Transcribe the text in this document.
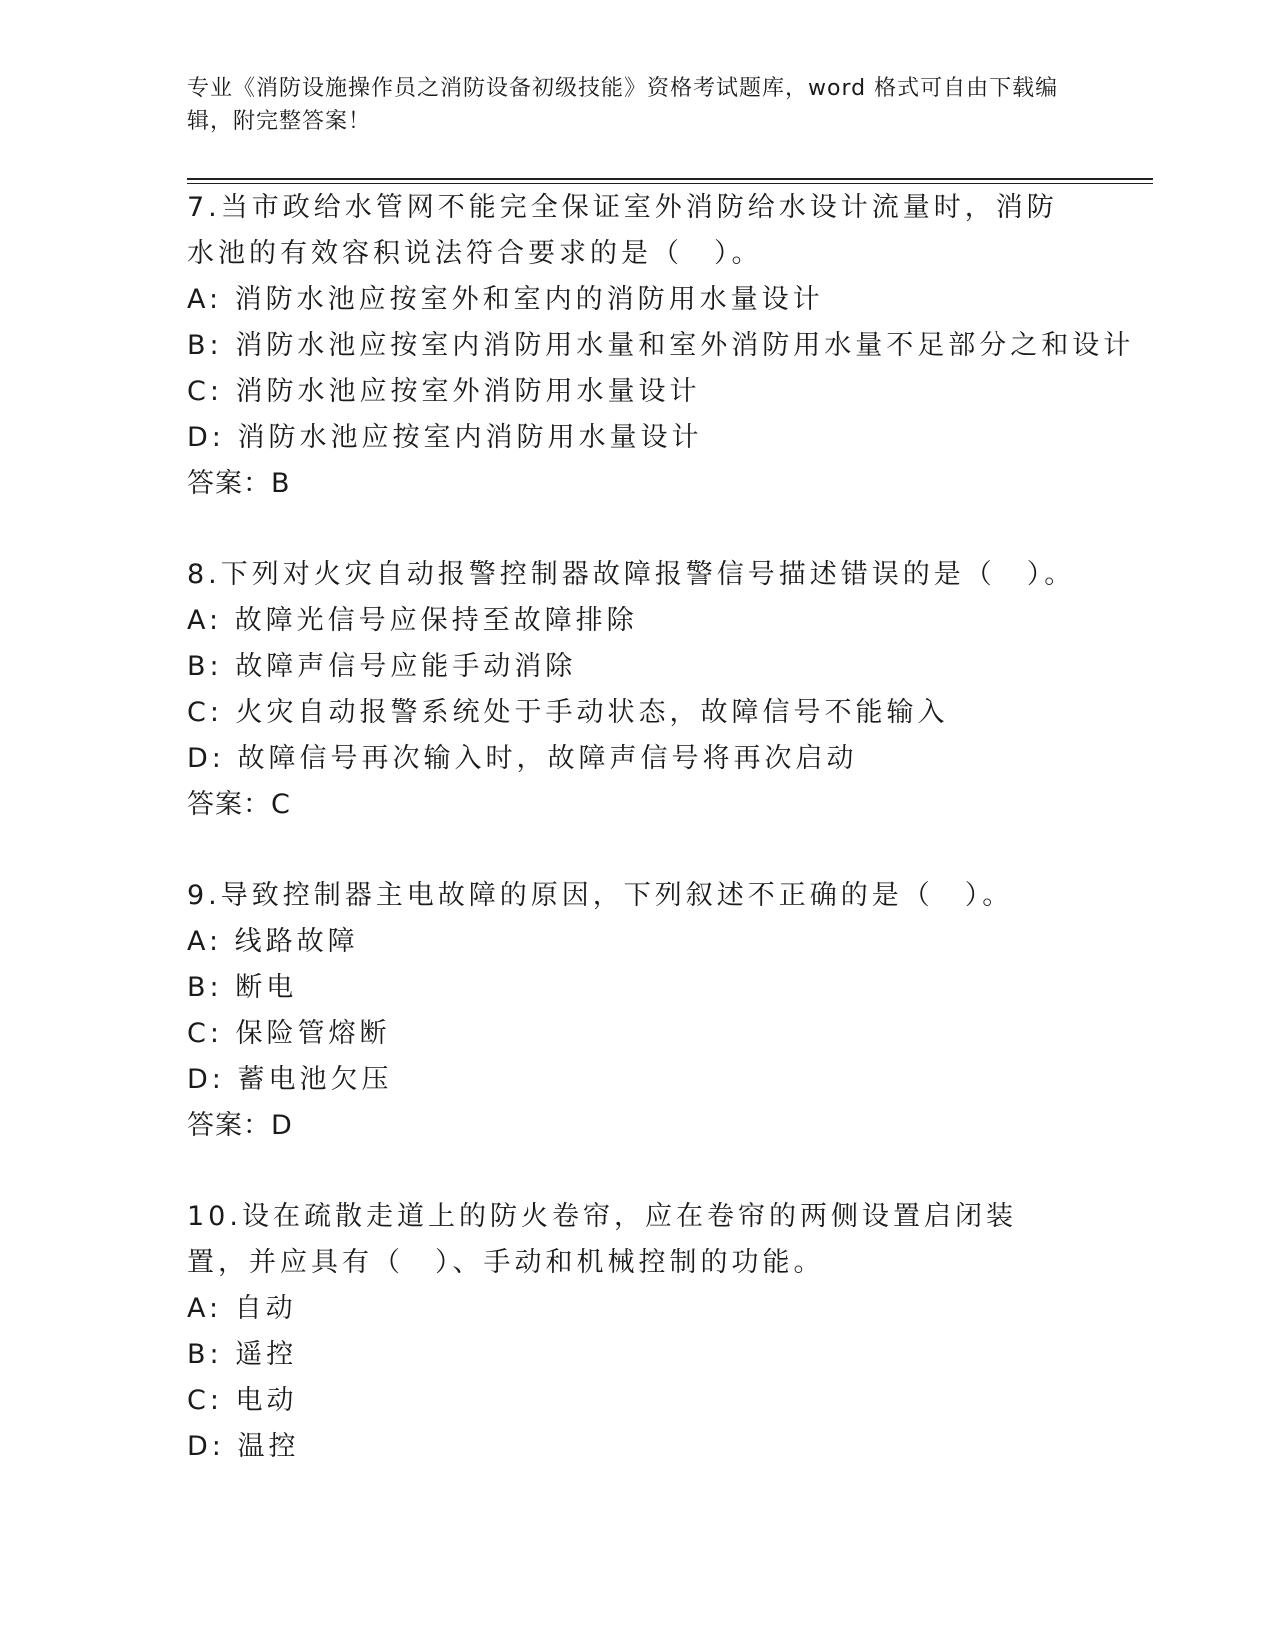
专业《消防设施操作员之消防设备初级技能》资格考试题库，word 格式可自由下载编辑，附完整答案！
7.当市政给水管网不能完全保证室外消防给水设计流量时，消防水池的有效容积说法符合要求的是（　）。
A: 消防水池应按室外和室内的消防用水量设计
B: 消防水池应按室内消防用水量和室外消防用水量不足部分之和设计
C: 消防水池应按室外消防用水量设计
D: 消防水池应按室内消防用水量设计
答案：B
8.下列对火灾自动报警控制器故障报警信号描述错误的是（　）。
A: 故障光信号应保持至故障排除
B: 故障声信号应能手动消除
C: 火灾自动报警系统处于手动状态，故障信号不能输入
D: 故障信号再次输入时，故障声信号将再次启动
答案：C
9.导致控制器主电故障的原因，下列叙述不正确的是（　）。
A: 线路故障
B: 断电
C: 保险管熔断
D: 蓄电池欠压
答案：D
10.设在疏散走道上的防火卷帘，应在卷帘的两侧设置启闭装置，并应具有（　）、手动和机械控制的功能。
A: 自动
B: 遥控
C: 电动
D: 温控
